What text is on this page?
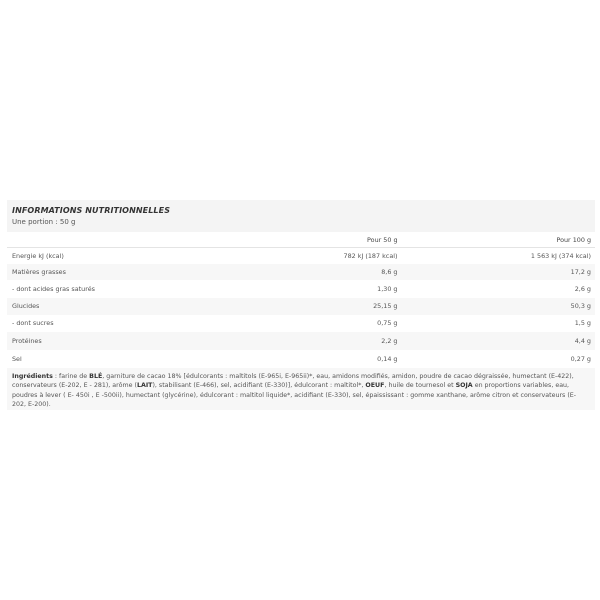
INFORMATIONS NUTRITIONNELLES
Une portion : 50 g
	Pour 50 g	Pour 100 g
Energie kJ (kcal)	782 kJ (187 kcal)	1 563 kJ (374 kcal)
Matières grasses	8,6 g	17,2 g
- dont acides gras saturés	1,30 g	2,6 g
Glucides	25,15 g	50,3 g
- dont sucres	0,75 g	1,5 g
Protéines	2,2 g	4,4 g
Sel	0,14 g	0,27 g
Ingrédients : farine de BLÉ, garniture de cacao 18% [édulcorants : maltitols (E-965i, E-965ii)*, eau, amidons modifiés, amidon, poudre de cacao dégraissée, humectant (E-422), conservateurs (E-202, E - 281), arôme (LAIT), stabilisant (E-466), sel, acidifiant (E-330)], édulcorant : maltitol*, OEUF, huile de tournesol et SOJA en proportions variables, eau, poudres à lever ( E- 450i , E -500ii), humectant (glycérine), édulcorant : maltitol liquide*, acidifiant (E-330), sel, épaississant : gomme xanthane, arôme citron et conservateurs (E-202, E-200).
